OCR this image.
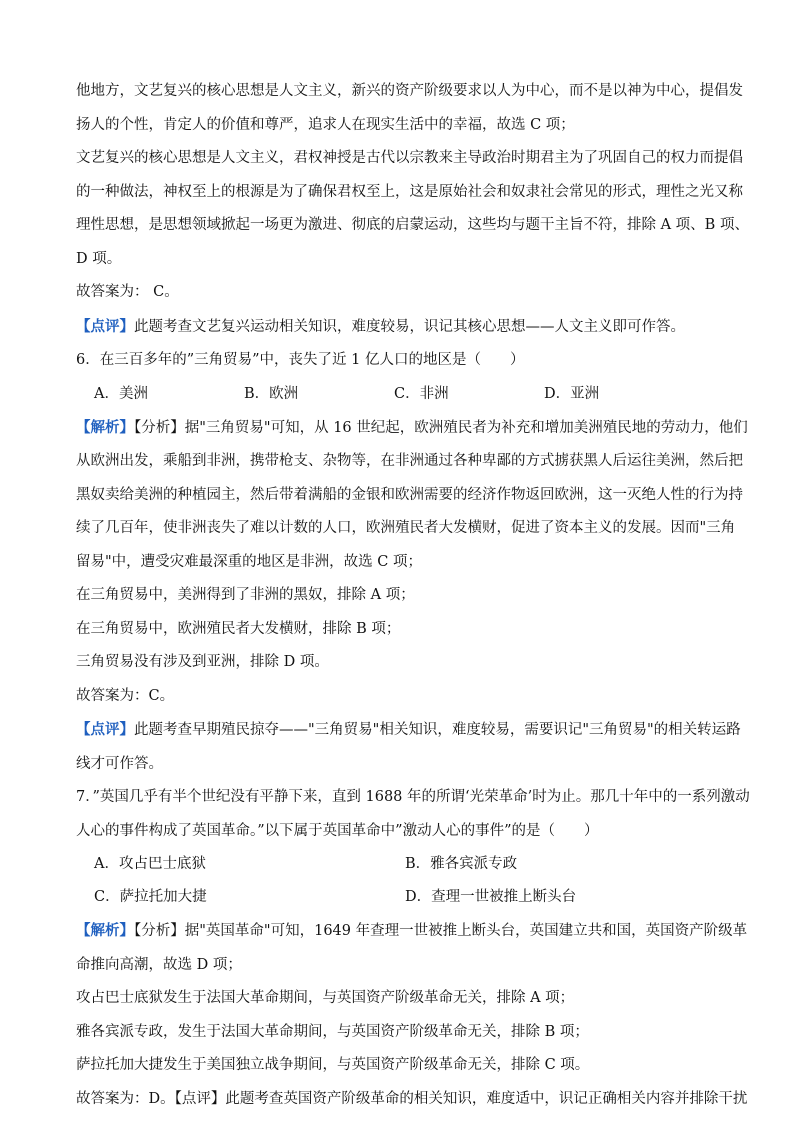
他地方，文艺复兴的核心思想是人文主义，新兴的资产阶级要求以人为中心，而不是以神为中心，提倡发
扬人的个性，肯定人的价值和尊严，追求人在现实生活中的幸福，故选 C 项；
文艺复兴的核心思想是人文主义，君权神授是古代以宗教来主导政治时期君主为了巩固自己的权力而提倡
的一种做法，神权至上的根源是为了确保君权至上，这是原始社会和奴隶社会常见的形式，理性之光又称
理性思想，是思想领域掀起一场更为激进、彻底的启蒙运动，这些均与题干主旨不符，排除 A 项、B 项、
D 项。
故答案为： C。
【点评】此题考查文艺复兴运动相关知识，难度较易，识记其核心思想——人文主义即可作答。
6．在三百多年的”三角贸易”中，丧失了近 1 亿人口的地区是（　　）
A．美洲	B．欧洲	C．非洲	D．亚洲
【解析】【分析】据"三角贸易"可知，从 16 世纪起，欧洲殖民者为补充和增加美洲殖民地的劳动力，他们
从欧洲出发，乘船到非洲，携带枪支、杂物等，在非洲通过各种卑鄙的方式掳获黑人后运往美洲，然后把
黑奴卖给美洲的种植园主，然后带着满船的金银和欧洲需要的经济作物返回欧洲，这一灭绝人性的行为持
续了几百年，使非洲丧失了难以计数的人口，欧洲殖民者大发横财，促进了资本主义的发展。因而"三角
留易"中，遭受灾难最深重的地区是非洲，故选 C 项；
在三角贸易中，美洲得到了非洲的黑奴，排除 A 项；
在三角贸易中，欧洲殖民者大发横财，排除 B 项；
三角贸易没有涉及到亚洲，排除 D 项。
故答案为：C。
【点评】此题考查早期殖民掠夺——"三角贸易"相关知识，难度较易，需要识记"三角贸易"的相关转运路
线才可作答。
7．”英国几乎有半个世纪没有平静下来，直到 1688 年的所谓‘光荣革命’时为止。那几十年中的一系列激动
人心的事件构成了英国革命。”以下属于英国革命中”激动人心的事件”的是（　　）
A．攻占巴士底狱	B．雅各宾派专政
C．萨拉托加大捷	D．查理一世被推上断头台
【解析】【分析】据"英国革命"可知，1649 年查理一世被推上断头台，英国建立共和国，英国资产阶级革
命推向高潮，故选 D 项；
攻占巴士底狱发生于法国大革命期间，与英国资产阶级革命无关，排除 A 项；
雅各宾派专政，发生于法国大革命期间，与英国资产阶级革命无关，排除 B 项；
萨拉托加大捷发生于美国独立战争期间，与英国资产阶级革命无关，排除 C 项。
故答案为：D。【点评】此题考查英国资产阶级革命的相关知识，难度适中，识记正确相关内容并排除干扰
